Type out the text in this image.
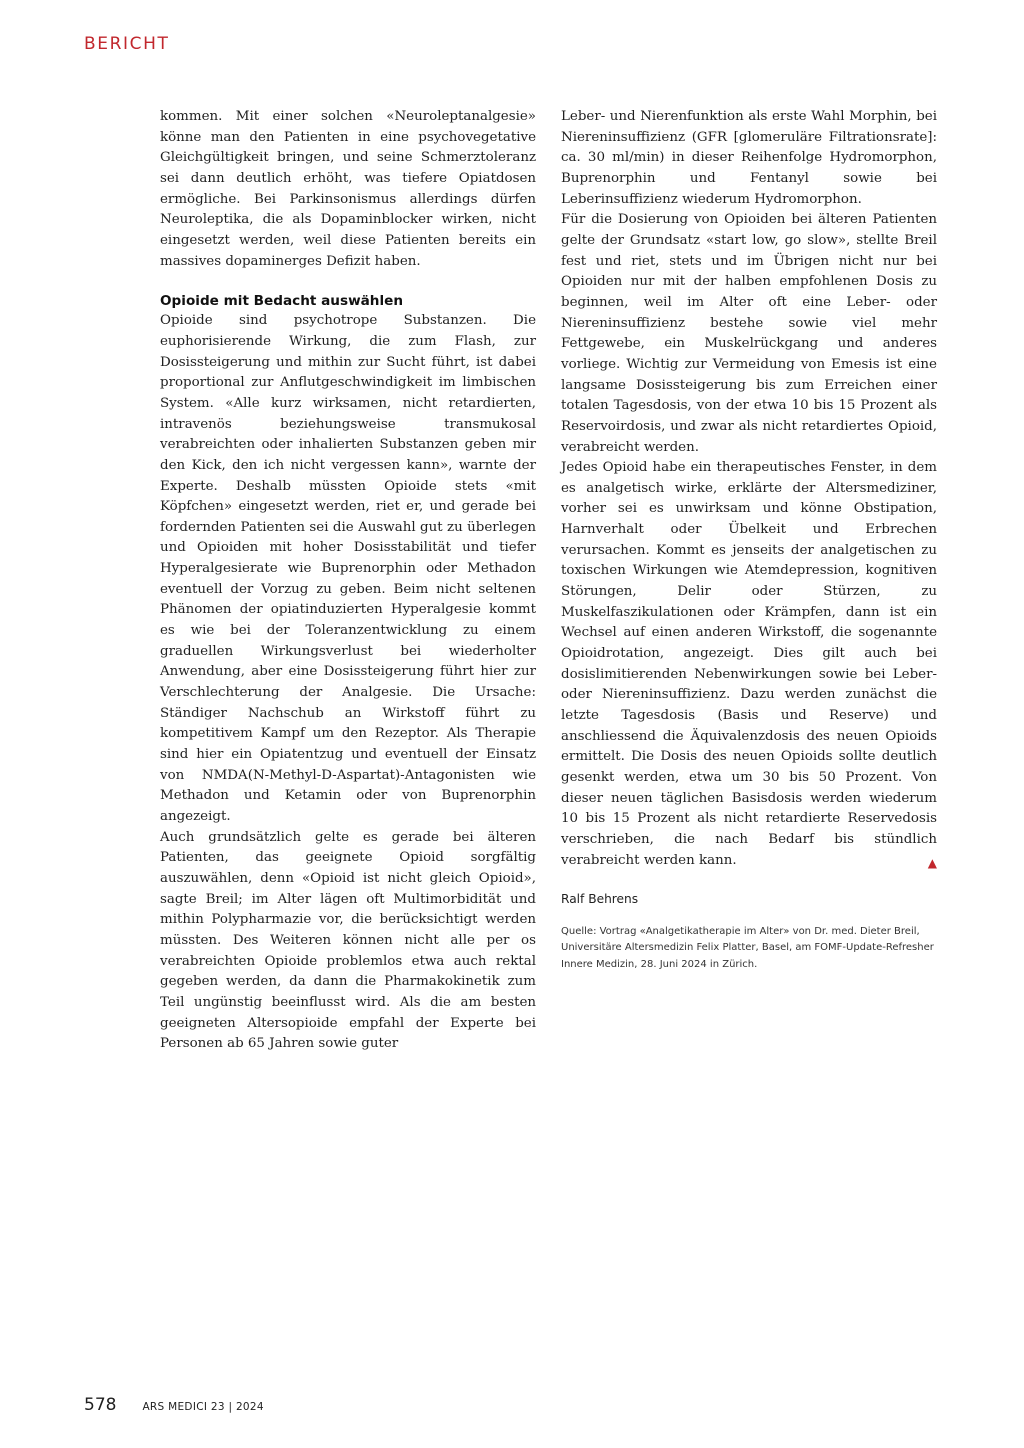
BERICHT

kommen. Mit einer solchen «Neuroleptanalgesie» könne man den Patienten in eine psychovegetative Gleichgültigkeit bringen, und seine Schmerztoleranz sei dann deutlich erhöht, was tiefere Opiatdosen ermögliche. Bei Parkinsonismus allerdings dürfen Neuroleptika, die als Dopaminblocker wirken, nicht eingesetzt werden, weil diese Patienten bereits ein massives dopaminerges Defizit haben.

Opioide mit Bedacht auswählen

Opioide sind psychotrope Substanzen. Die euphorisierende Wirkung, die zum Flash, zur Dosissteigerung und mithin zur Sucht führt, ist dabei proportional zur Anflutgeschwindigkeit im limbischen System. «Alle kurz wirksamen, nicht retardierten, intravenös beziehungsweise transmukosal verabreichten oder inhalierten Substanzen geben mir den Kick, den ich nicht vergessen kann», warnte der Experte. Deshalb müssten Opioide stets «mit Köpfchen» eingesetzt werden, riet er, und gerade bei fordernden Patienten sei die Auswahl gut zu überlegen und Opioiden mit hoher Dosisstabilität und tiefer Hyperalgesierate wie Buprenorphin oder Methadon eventuell der Vorzug zu geben. Beim nicht seltenen Phänomen der opiatinduzierten Hyperalgesie kommt es wie bei der Toleranzentwicklung zu einem graduellen Wirkungsverlust bei wiederholter Anwendung, aber eine Dosissteigerung führt hier zur Verschlechterung der Analgesie. Die Ursache: Ständiger Nachschub an Wirkstoff führt zu kompetitivem Kampf um den Rezeptor. Als Therapie sind hier ein Opiatentzug und eventuell der Einsatz von NMDA(N-Methyl-D-Aspartat)-Antagonisten wie Methadon und Ketamin oder von Buprenorphin angezeigt.

Auch grundsätzlich gelte es gerade bei älteren Patienten, das geeignete Opioid sorgfältig auszuwählen, denn «Opioid ist nicht gleich Opioid», sagte Breil; im Alter lägen oft Multimorbidität und mithin Polypharmazie vor, die berücksichtigt werden müssten. Des Weiteren können nicht alle per os verabreichten Opioide problemlos etwa auch rektal gegeben werden, da dann die Pharmakokinetik zum Teil ungünstig beeinflusst wird. Als die am besten geeigneten Altersopioide empfahl der Experte bei Personen ab 65 Jahren sowie guter

Leber- und Nierenfunktion als erste Wahl Morphin, bei Niereninsuffizienz (GFR [glomeruläre Filtrationsrate]: ca. 30 ml/min) in dieser Reihenfolge Hydromorphon, Buprenorphin und Fentanyl sowie bei Leberinsuffizienz wiederum Hydromorphon.

Für die Dosierung von Opioiden bei älteren Patienten gelte der Grundsatz «start low, go slow», stellte Breil fest und riet, stets und im Übrigen nicht nur bei Opioiden nur mit der halben empfohlenen Dosis zu beginnen, weil im Alter oft eine Leber- oder Niereninsuffizienz bestehe sowie viel mehr Fettgewebe, ein Muskelrückgang und anderes vorliege. Wichtig zur Vermeidung von Emesis ist eine langsame Dosissteigerung bis zum Erreichen einer totalen Tagesdosis, von der etwa 10 bis 15 Prozent als Reservoirdosis, und zwar als nicht retardiertes Opioid, verabreicht werden.

Jedes Opioid habe ein therapeutisches Fenster, in dem es analgetisch wirke, erklärte der Altersmediziner, vorher sei es unwirksam und könne Obstipation, Harnverhalt oder Übelkeit und Erbrechen verursachen. Kommt es jenseits der analgetischen zu toxischen Wirkungen wie Atemdepression, kognitiven Störungen, Delir oder Stürzen, zu Muskelfaszikulationen oder Krämpfen, dann ist ein Wechsel auf einen anderen Wirkstoff, die sogenannte Opioidrotation, angezeigt. Dies gilt auch bei dosislimitierenden Nebenwirkungen sowie bei Leber- oder Niereninsuffizienz. Dazu werden zunächst die letzte Tagesdosis (Basis und Reserve) und anschliessend die Äquivalenzdosis des neuen Opioids ermittelt. Die Dosis des neuen Opioids sollte deutlich gesenkt werden, etwa um 30 bis 50 Prozent. Von dieser neuen täglichen Basisdosis werden wiederum 10 bis 15 Prozent als nicht retardierte Reservedosis verschrieben, die nach Bedarf bis stündlich verabreicht werden kann.	▲

Ralf Behrens

Quelle: Vortrag «Analgetikatherapie im Alter» von Dr. med. Dieter Breil, Universitäre Altersmedizin Felix Platter, Basel, am FOMF-Update-Refresher Innere Medizin, 28. Juni 2024 in Zürich.

578 ARS MEDICI 23 | 2024
